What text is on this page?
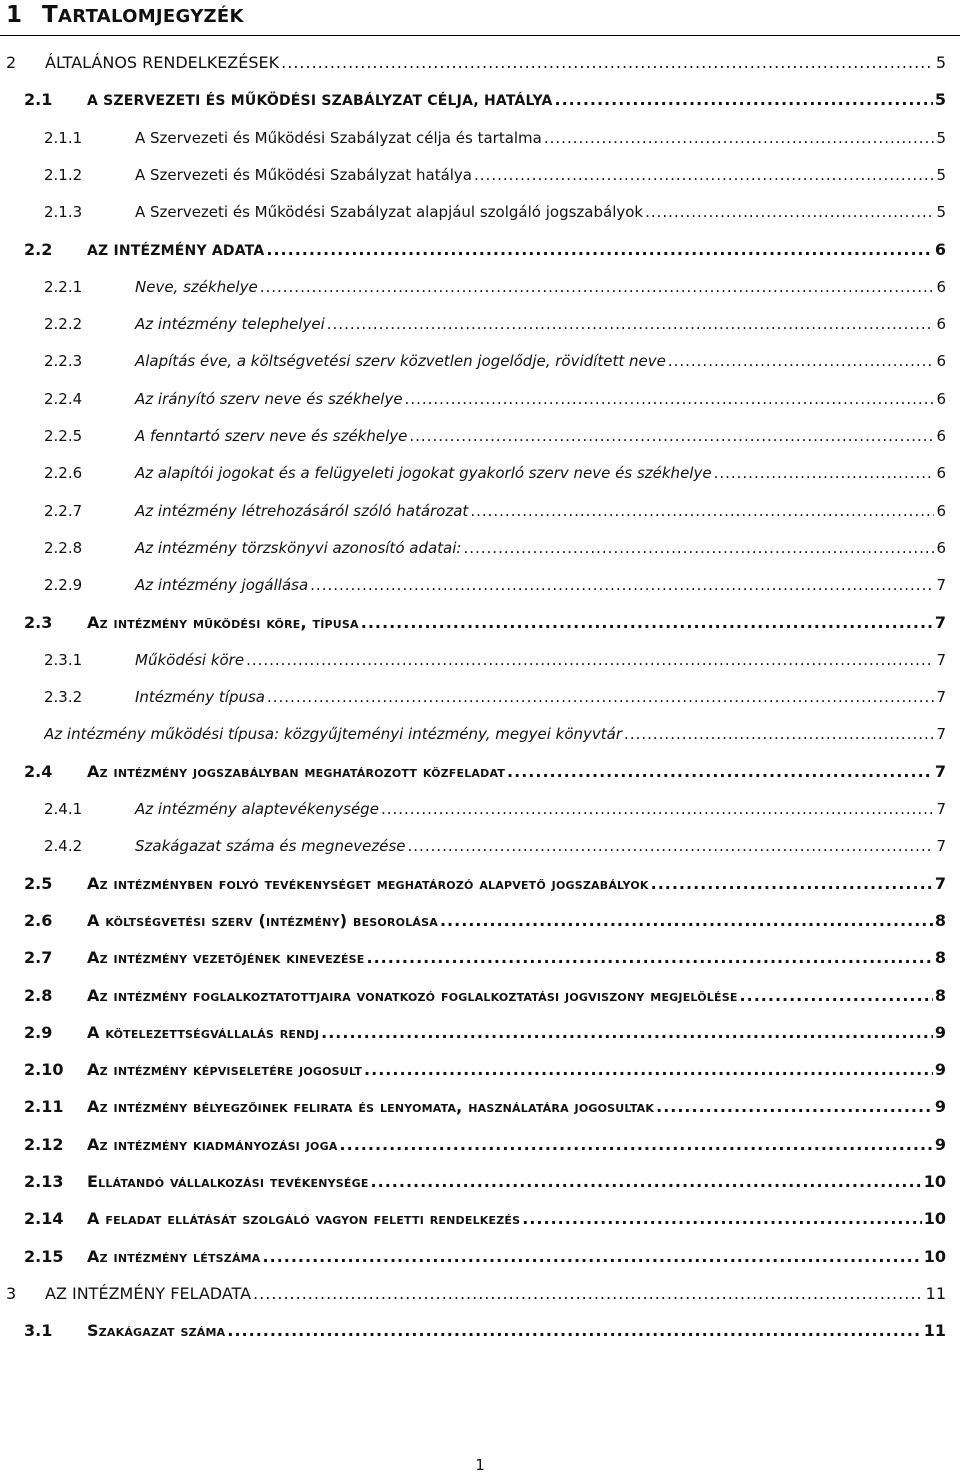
1 TARTALOMJEGYZÉK
2	ÁLTALÁNOS RENDELKEZÉSEK .....	5
2.1	A SZERVEZETI ÉS MŰKÖDÉSI SZABÁLYZAT CÉLJA, HATÁLYA .....	5
2.1.1	A Szervezeti és Működési Szabályzat célja és tartalma .....	5
2.1.2	A Szervezeti és Működési Szabályzat hatálya .....	5
2.1.3	A Szervezeti és Működési Szabályzat alapjául szolgáló jogszabályok .....	5
2.2	AZ INTÉZMÉNY ADATA .....	6
2.2.1	Neve, székhelye .....	6
2.2.2	Az intézmény telephelyei .....	6
2.2.3	Alapítás éve, a költségvetési szerv közvetlen jogelődje, rövidített neve .....	6
2.2.4	Az irányító szerv neve és székhelye .....	6
2.2.5	A fenntartó szerv neve és székhelye .....	6
2.2.6	Az alapítói jogokat és a felügyeleti jogokat gyakorló szerv neve és székhelye .....	6
2.2.7	Az intézmény létrehozásáról szóló határozat .....	6
2.2.8	Az intézmény törzskönyvi azonosító adatai: .....	6
2.2.9	Az intézmény jogállása .....	7
2.3	Az intézmény működési köre, típusa .....	7
2.3.1	Működési köre .....	7
2.3.2	Intézmény típusa .....	7
Az intézmény működési típusa: közgyűjteményi intézmény, megyei könyvtár .....	7
2.4	Az intézmény jogszabályban meghatározott közfeladat .....	7
2.4.1	Az intézmény alaptevékenysége .....	7
2.4.2	Szakágazat száma és megnevezése .....	7
2.5	Az intézményben folyó tevékenységet meghatározó alapvető jogszabályok .....	7
2.6	A költségvetési szerv (intézmény) besorolása .....	8
2.7	Az intézmény vezetőjének kinevezése .....	8
2.8	Az intézmény foglalkoztatottjaira vonatkozó foglalkoztatási jogviszony megjelölése .....	8
2.9	A kötelezettségvállalás rendj .....	9
2.10	Az intézmény képviseletére jogosult .....	9
2.11	Az intézmény bélyegzőinek felirata és lenyomata, használatára jogosultak .....	9
2.12	Az intézmény kiadmányozási joga .....	9
2.13	Ellátandó vállalkozási tevékenysége .....	10
2.14	A feladat ellátását szolgáló vagyon feletti rendelkezés .....	10
2.15	Az intézmény létszáma .....	10
3	AZ INTÉZMÉNY FELADATA .....	11
3.1	Szakágazat száma .....	11
1
